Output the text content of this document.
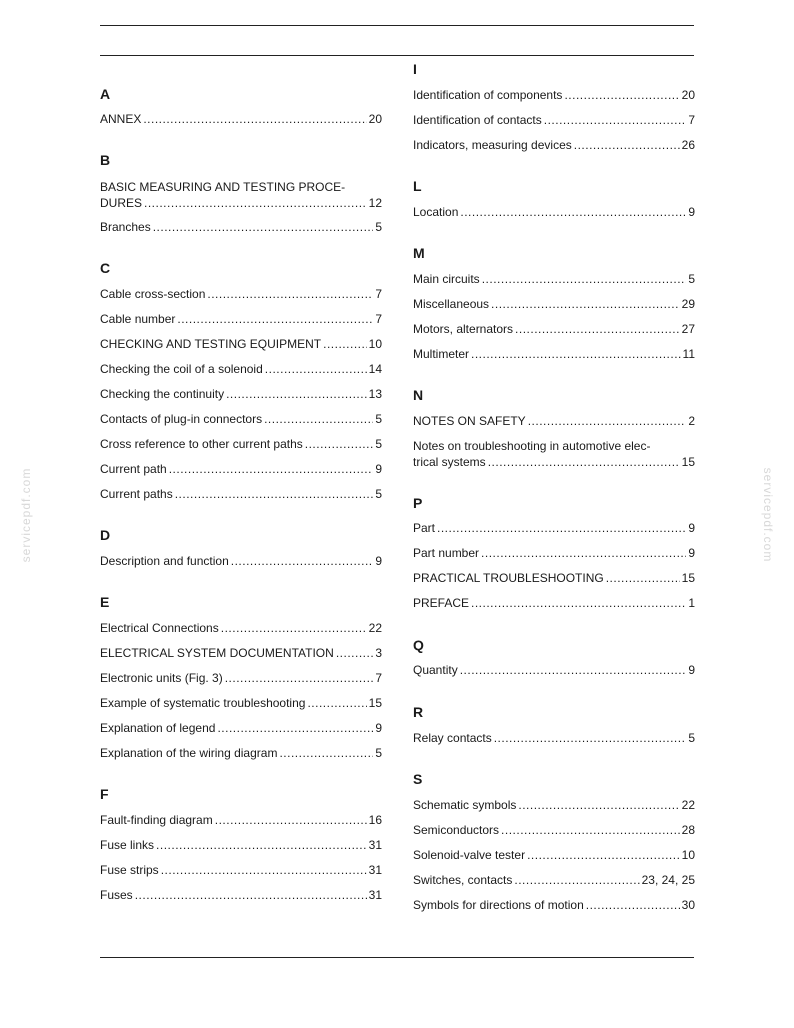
A
ANNEX .....	20
B
BASIC MEASURING AND TESTING PROCE-
DURES .....	12
Branches .....	5
C
Cable cross-section .....	7
Cable number .....	7
CHECKING AND TESTING EQUIPMENT .....	10
Checking the coil of a solenoid .....	14
Checking the continuity .....	13
Contacts of plug-in connectors .....	5
Cross reference to other current paths .....	5
Current path .....	9
Current paths .....	5
D
Description and function .....	9
E
Electrical Connections .....	22
ELECTRICAL SYSTEM DOCUMENTATION .....	3
Electronic units (Fig. 3) .....	7
Example of systematic troubleshooting .....	15
Explanation of legend .....	9
Explanation of the wiring diagram .....	5
F
Fault-finding diagram .....	16
Fuse links .....	31
Fuse strips .....	31
Fuses .....	31
I
Identification of components .....	20
Identification of contacts .....	7
Indicators, measuring devices .....	26
L
Location .....	9
M
Main circuits .....	5
Miscellaneous .....	29
Motors, alternators .....	27
Multimeter .....	11
N
NOTES ON SAFETY .....	2
Notes on troubleshooting in automotive elec-
trical systems .....	15
P
Part .....	9
Part number .....	9
PRACTICAL TROUBLESHOOTING .....	15
PREFACE .....	1
Q
Quantity .....	9
R
Relay contacts .....	5
S
Schematic symbols .....	22
Semiconductors .....	28
Solenoid-valve tester .....	10
Switches, contacts .....	23, 24, 25
Symbols for directions of motion .....	30
servicepdf.com	servicepdf.com
